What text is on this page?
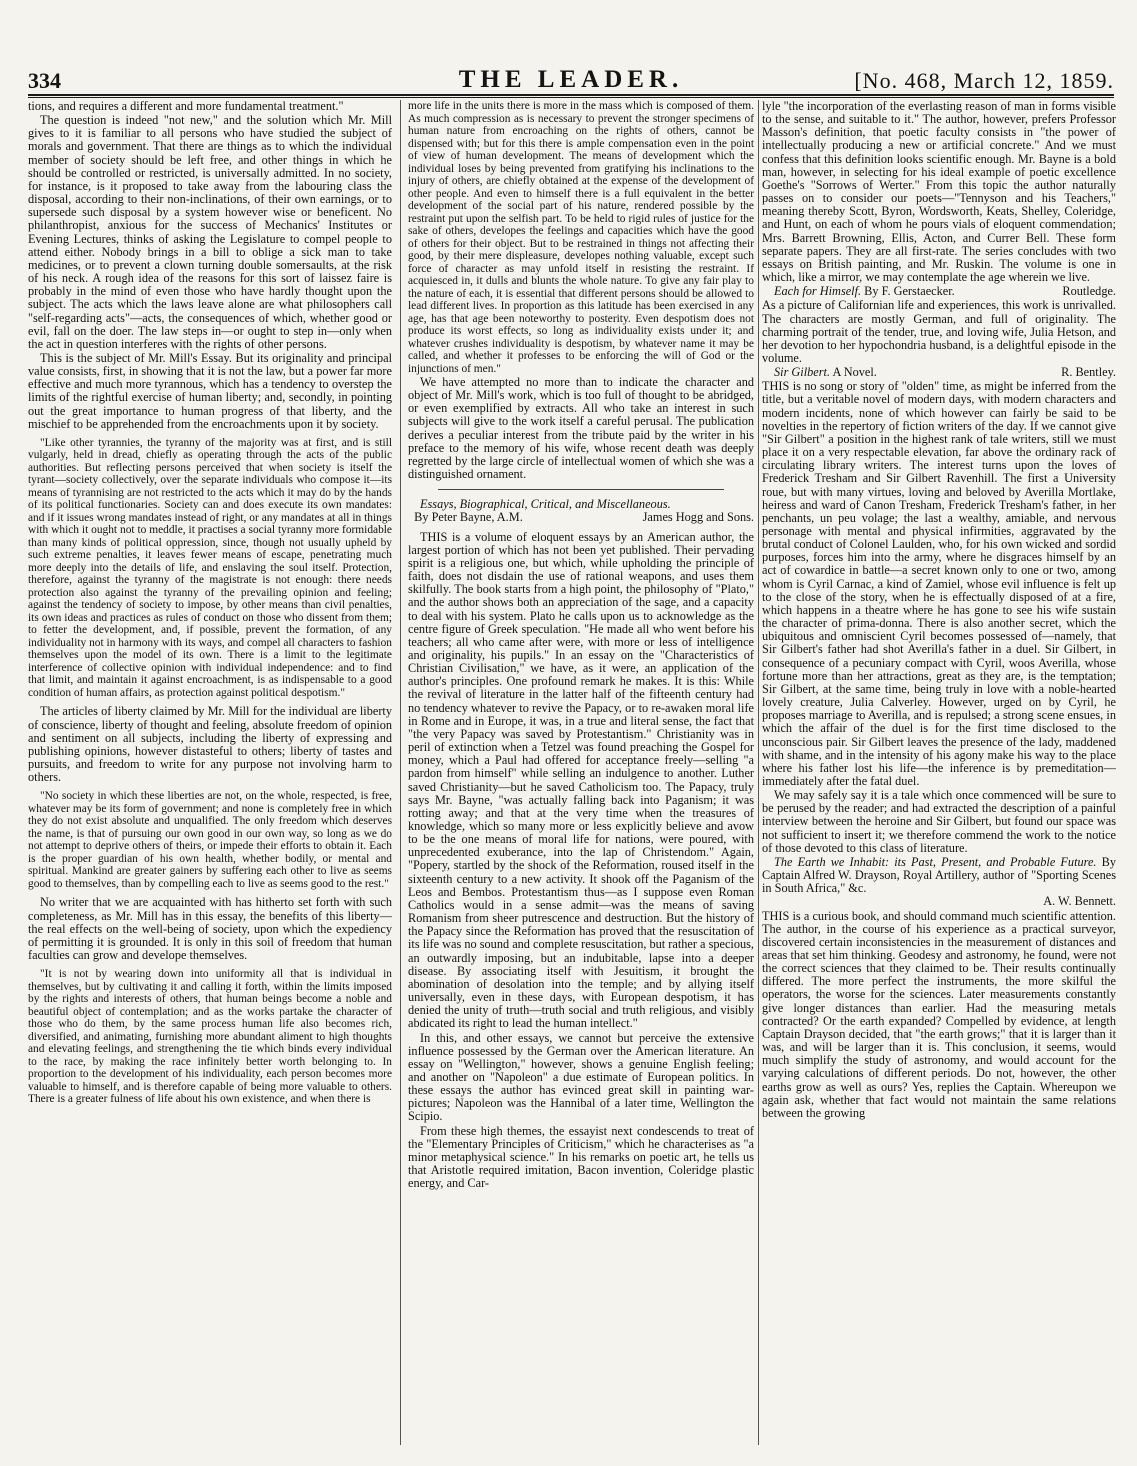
334	THE LEADER.	[No. 468, March 12, 1859.

tions, and requires a different and more fundamental treatment."

The question is indeed "not new," and the solution which Mr. Mill gives to it is familiar to all persons who have studied the subject of morals and government. That there are things as to which the individual member of society should be left free, and other things in which he should be controlled or restricted, is universally admitted. In no society, for instance, is it proposed to take away from the labouring class the disposal, according to their non-inclinations, of their own earnings, or to supersede such disposal by a system however wise or beneficent. No philanthropist, anxious for the success of Mechanics' Institutes or Evening Lectures, thinks of asking the Legislature to compel people to attend either. Nobody brings in a bill to oblige a sick man to take medicines, or to prevent a clown turning double somersaults, at the risk of his neck. A rough idea of the reasons for this sort of laissez faire is probably in the mind of even those who have hardly thought upon the subject. The acts which the laws leave alone are what philosophers call "self-regarding acts"—acts, the consequences of which, whether good or evil, fall on the doer. The law steps in—or ought to step in—only when the act in question interferes with the rights of other persons.

This is the subject of Mr. Mill's Essay. But its originality and principal value consists, first, in showing that it is not the law, but a power far more effective and much more tyrannous, which has a tendency to overstep the limits of the rightful exercise of human liberty; and, secondly, in pointing out the great importance to human progress of that liberty, and the mischief to be apprehended from the encroachments upon it by society.

"Like other tyrannies, the tyranny of the majority was at first, and is still vulgarly, held in dread, chiefly as operating through the acts of the public authorities. But reflecting persons perceived that when society is itself the tyrant—society collectively, over the separate individuals who compose it—its means of tyrannising are not restricted to the acts which it may do by the hands of its political functionaries. Society can and does execute its own mandates: and if it issues wrong mandates instead of right, or any mandates at all in things with which it ought not to meddle, it practises a social tyranny more formidable than many kinds of political oppression, since, though not usually upheld by such extreme penalties, it leaves fewer means of escape, penetrating much more deeply into the details of life, and enslaving the soul itself. Protection, therefore, against the tyranny of the magistrate is not enough: there needs protection also against the tyranny of the prevailing opinion and feeling; against the tendency of society to impose, by other means than civil penalties, its own ideas and practices as rules of conduct on those who dissent from them; to fetter the development, and, if possible, prevent the formation, of any individuality not in harmony with its ways, and compel all characters to fashion themselves upon the model of its own. There is a limit to the legitimate interference of collective opinion with individual independence: and to find that limit, and maintain it against encroachment, is as indispensable to a good condition of human affairs, as protection against political despotism."

The articles of liberty claimed by Mr. Mill for the individual are liberty of conscience, liberty of thought and feeling, absolute freedom of opinion and sentiment on all subjects, including the liberty of expressing and publishing opinions, however distasteful to others; liberty of tastes and pursuits, and freedom to write for any purpose not involving harm to others.

"No society in which these liberties are not, on the whole, respected, is free, whatever may be its form of government; and none is completely free in which they do not exist absolute and unqualified. The only freedom which deserves the name, is that of pursuing our own good in our own way, so long as we do not attempt to deprive others of theirs, or impede their efforts to obtain it. Each is the proper guardian of his own health, whether bodily, or mental and spiritual. Mankind are greater gainers by suffering each other to live as seems good to themselves, than by compelling each to live as seems good to the rest."

No writer that we are acquainted with has hitherto set forth with such completeness, as Mr. Mill has in this essay, the benefits of this liberty—the real effects on the well-being of society, upon which the expediency of permitting it is grounded. It is only in this soil of freedom that human faculties can grow and develope themselves.

"It is not by wearing down into uniformity all that is individual in themselves, but by cultivating it and calling it forth, within the limits imposed by the rights and interests of others, that human beings become a noble and beautiful object of contemplation; and as the works partake the character of those who do them, by the same process human life also becomes rich, diversified, and animating, furnishing more abundant aliment to high thoughts and elevating feelings, and strengthening the tie which binds every individual to the race, by making the race infinitely better worth belonging to. In proportion to the development of his individuality, each person becomes more valuable to himself, and is therefore capable of being more valuable to others. There is a greater fulness of life about his own existence, and when there is

more life in the units there is more in the mass which is composed of them. As much compression as is necessary to prevent the stronger specimens of human nature from encroaching on the rights of others, cannot be dispensed with; but for this there is ample compensation even in the point of view of human development. The means of development which the individual loses by being prevented from gratifying his inclinations to the injury of others, are chiefly obtained at the expense of the development of other people. And even to himself there is a full equivalent in the better development of the social part of his nature, rendered possible by the restraint put upon the selfish part. To be held to rigid rules of justice for the sake of others, developes the feelings and capacities which have the good of others for their object. But to be restrained in things not affecting their good, by their mere displeasure, developes nothing valuable, except such force of character as may unfold itself in resisting the restraint. If acquiesced in, it dulls and blunts the whole nature. To give any fair play to the nature of each, it is essential that different persons should be allowed to lead different lives. In proportion as this latitude has been exercised in any age, has that age been noteworthy to posterity. Even despotism does not produce its worst effects, so long as individuality exists under it; and whatever crushes individuality is despotism, by whatever name it may be called, and whether it professes to be enforcing the will of God or the injunctions of men."

We have attempted no more than to indicate the character and object of Mr. Mill's work, which is too full of thought to be abridged, or even exemplified by extracts. All who take an interest in such subjects will give to the work itself a careful perusal. The publication derives a peculiar interest from the tribute paid by the writer in his preface to the memory of his wife, whose recent death was deeply regretted by the large circle of intellectual women of which she was a distinguished ornament.

Essays, Biographical, Critical, and Miscellaneous.
By Peter Bayne, A.M.	James Hogg and Sons.

THIS is a volume of eloquent essays by an American author, the largest portion of which has not been yet published. Their pervading spirit is a religious one, but which, while upholding the principle of faith, does not disdain the use of rational weapons, and uses them skilfully. The book starts from a high point, the philosophy of "Plato," and the author shows both an appreciation of the sage, and a capacity to deal with his system. Plato he calls upon us to acknowledge as the centre figure of Greek speculation. "He made all who went before his teachers; all who came after were, with more or less of intelligence and originality, his pupils." In an essay on the "Characteristics of Christian Civilisation," we have, as it were, an application of the author's principles. One profound remark he makes. It is this: While the revival of literature in the latter half of the fifteenth century had no tendency whatever to revive the Papacy, or to re-awaken moral life in Rome and in Europe, it was, in a true and literal sense, the fact that "the very Papacy was saved by Protestantism." Christianity was in peril of extinction when a Tetzel was found preaching the Gospel for money, which a Paul had offered for acceptance freely—selling "a pardon from himself" while selling an indulgence to another. Luther saved Christianity—but he saved Catholicism too. The Papacy, truly says Mr. Bayne, "was actually falling back into Paganism; it was rotting away; and that at the very time when the treasures of knowledge, which so many more or less explicitly believe and avow to be the one means of moral life for nations, were poured, with unprecedented exuberance, into the lap of Christendom." Again, "Popery, startled by the shock of the Reformation, roused itself in the sixteenth century to a new activity. It shook off the Paganism of the Leos and Bembos. Protestantism thus—as I suppose even Roman Catholics would in a sense admit—was the means of saving Romanism from sheer putrescence and destruction. But the history of the Papacy since the Reformation has proved that the resuscitation of its life was no sound and complete resuscitation, but rather a specious, an outwardly imposing, but an indubitable, lapse into a deeper disease. By associating itself with Jesuitism, it brought the abomination of desolation into the temple; and by allying itself universally, even in these days, with European despotism, it has denied the unity of truth—truth social and truth religious, and visibly abdicated its right to lead the human intellect."

In this, and other essays, we cannot but perceive the extensive influence possessed by the German over the American literature. An essay on "Wellington," however, shows a genuine English feeling; and another on "Napoleon" a due estimate of European politics. In these essays the author has evinced great skill in painting war-pictures; Napoleon was the Hannibal of a later time, Wellington the Scipio.

From these high themes, the essayist next condescends to treat of the "Elementary Principles of Criticism," which he characterises as "a minor metaphysical science." In his remarks on poetic art, he tells us that Aristotle required imitation, Bacon invention, Coleridge plastic energy, and Car-

lyle "the incorporation of the everlasting reason of man in forms visible to the sense, and suitable to it." The author, however, prefers Professor Masson's definition, that poetic faculty consists in "the power of intellectually producing a new or artificial concrete." And we must confess that this definition looks scientific enough. Mr. Bayne is a bold man, however, in selecting for his ideal example of poetic excellence Goethe's "Sorrows of Werter." From this topic the author naturally passes on to consider our poets—"Tennyson and his Teachers," meaning thereby Scott, Byron, Wordsworth, Keats, Shelley, Coleridge, and Hunt, on each of whom he pours vials of eloquent commendation; Mrs. Barrett Browning, Ellis, Acton, and Currer Bell. These form separate papers. They are all first-rate. The series concludes with two essays on British painting, and Mr. Ruskin. The volume is one in which, like a mirror, we may contemplate the age wherein we live.

Each for Himself. By F. Gerstaecker.	Routledge.

As a picture of Californian life and experiences, this work is unrivalled. The characters are mostly German, and full of originality. The charming portrait of the tender, true, and loving wife, Julia Hetson, and her devotion to her hypochondria husband, is a delightful episode in the volume.

Sir Gilbert. A Novel.	R. Bentley.

THIS is no song or story of "olden" time, as might be inferred from the title, but a veritable novel of modern days, with modern characters and modern incidents, none of which however can fairly be said to be novelties in the repertory of fiction writers of the day. If we cannot give "Sir Gilbert" a position in the highest rank of tale writers, still we must place it on a very respectable elevation, far above the ordinary rack of circulating library writers. The interest turns upon the loves of Frederick Tresham and Sir Gilbert Ravenhill. The first a University roue, but with many virtues, loving and beloved by Averilla Mortlake, heiress and ward of Canon Tresham, Frederick Tresham's father, in her penchants, un peu volage; the last a wealthy, amiable, and nervous personage with mental and physical infirmities, aggravated by the brutal conduct of Colonel Laulden, who, for his own wicked and sordid purposes, forces him into the army, where he disgraces himself by an act of cowardice in battle—a secret known only to one or two, among whom is Cyril Carnac, a kind of Zamiel, whose evil influence is felt up to the close of the story, when he is effectually disposed of at a fire, which happens in a theatre where he has gone to see his wife sustain the character of prima-donna. There is also another secret, which the ubiquitous and omniscient Cyril becomes possessed of—namely, that Sir Gilbert's father had shot Averilla's father in a duel. Sir Gilbert, in consequence of a pecuniary compact with Cyril, woos Averilla, whose fortune more than her attractions, great as they are, is the temptation; Sir Gilbert, at the same time, being truly in love with a noble-hearted lovely creature, Julia Calverley. However, urged on by Cyril, he proposes marriage to Averilla, and is repulsed; a strong scene ensues, in which the affair of the duel is for the first time disclosed to the unconscious pair. Sir Gilbert leaves the presence of the lady, maddened with shame, and in the intensity of his agony make his way to the place where his father lost his life—the inference is by premeditation—immediately after the fatal duel.

We may safely say it is a tale which once commenced will be sure to be perused by the reader; and had extracted the description of a painful interview between the heroine and Sir Gilbert, but found our space was not sufficient to insert it; we therefore commend the work to the notice of those devoted to this class of literature.

The Earth we Inhabit: its Past, Present, and Probable Future. By Captain Alfred W. Drayson, Royal Artillery, author of "Sporting Scenes in South Africa," &c.
A. W. Bennett.

THIS is a curious book, and should command much scientific attention. The author, in the course of his experience as a practical surveyor, discovered certain inconsistencies in the measurement of distances and areas that set him thinking. Geodesy and astronomy, he found, were not the correct sciences that they claimed to be. Their results continually differed. The more perfect the instruments, the more skilful the operators, the worse for the sciences. Later measurements constantly give longer distances than earlier. Had the measuring metals contracted? Or the earth expanded? Compelled by evidence, at length Captain Drayson decided, that "the earth grows;" that it is larger than it was, and will be larger than it is. This conclusion, it seems, would much simplify the study of astronomy, and would account for the varying calculations of different periods. Do not, however, the other earths grow as well as ours? Yes, replies the Captain. Whereupon we again ask, whether that fact would not maintain the same relations between the growing
